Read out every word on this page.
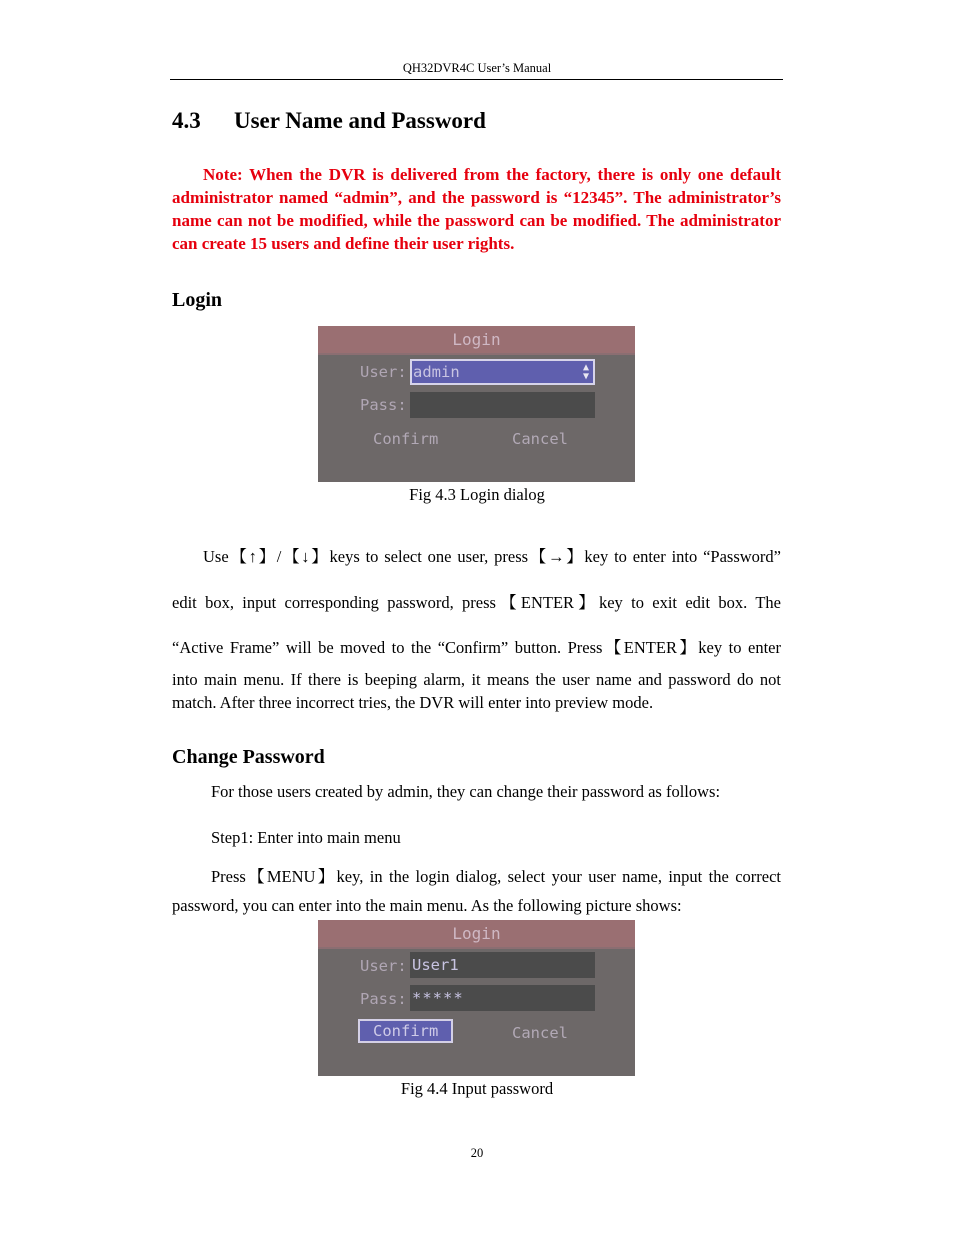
QH32DVR4C User’s Manual
4.3 User Name and Password
Note: When the DVR is delivered from the factory, there is only one default administrator named “admin”, and the password is “12345”. The administrator’s name can not be modified, while the password can be modified. The administrator can create 15 users and define their user rights.
Login
Login
User: admin	▲
▼
Pass:
Confirm	Cancel
Fig 4.3 Login dialog
Use【↑】/【↓】keys to select one user, press【→】key to enter into “Password”
edit box, input corresponding password, press【ENTER】key to exit edit box. The
“Active Frame” will be moved to the “Confirm” button. Press【ENTER】key to enter
into main menu. If there is beeping alarm, it means the user name and password do not match. After three incorrect tries, the DVR will enter into preview mode.
Change Password
For those users created by admin, they can change their password as follows:
Step1: Enter into main menu
Press【MENU】key, in the login dialog, select your user name, input the correct
password, you can enter into the main menu. As the following picture shows:
Login
User: User1
Pass: *****
Confirm	Cancel
Fig 4.4 Input password
20
